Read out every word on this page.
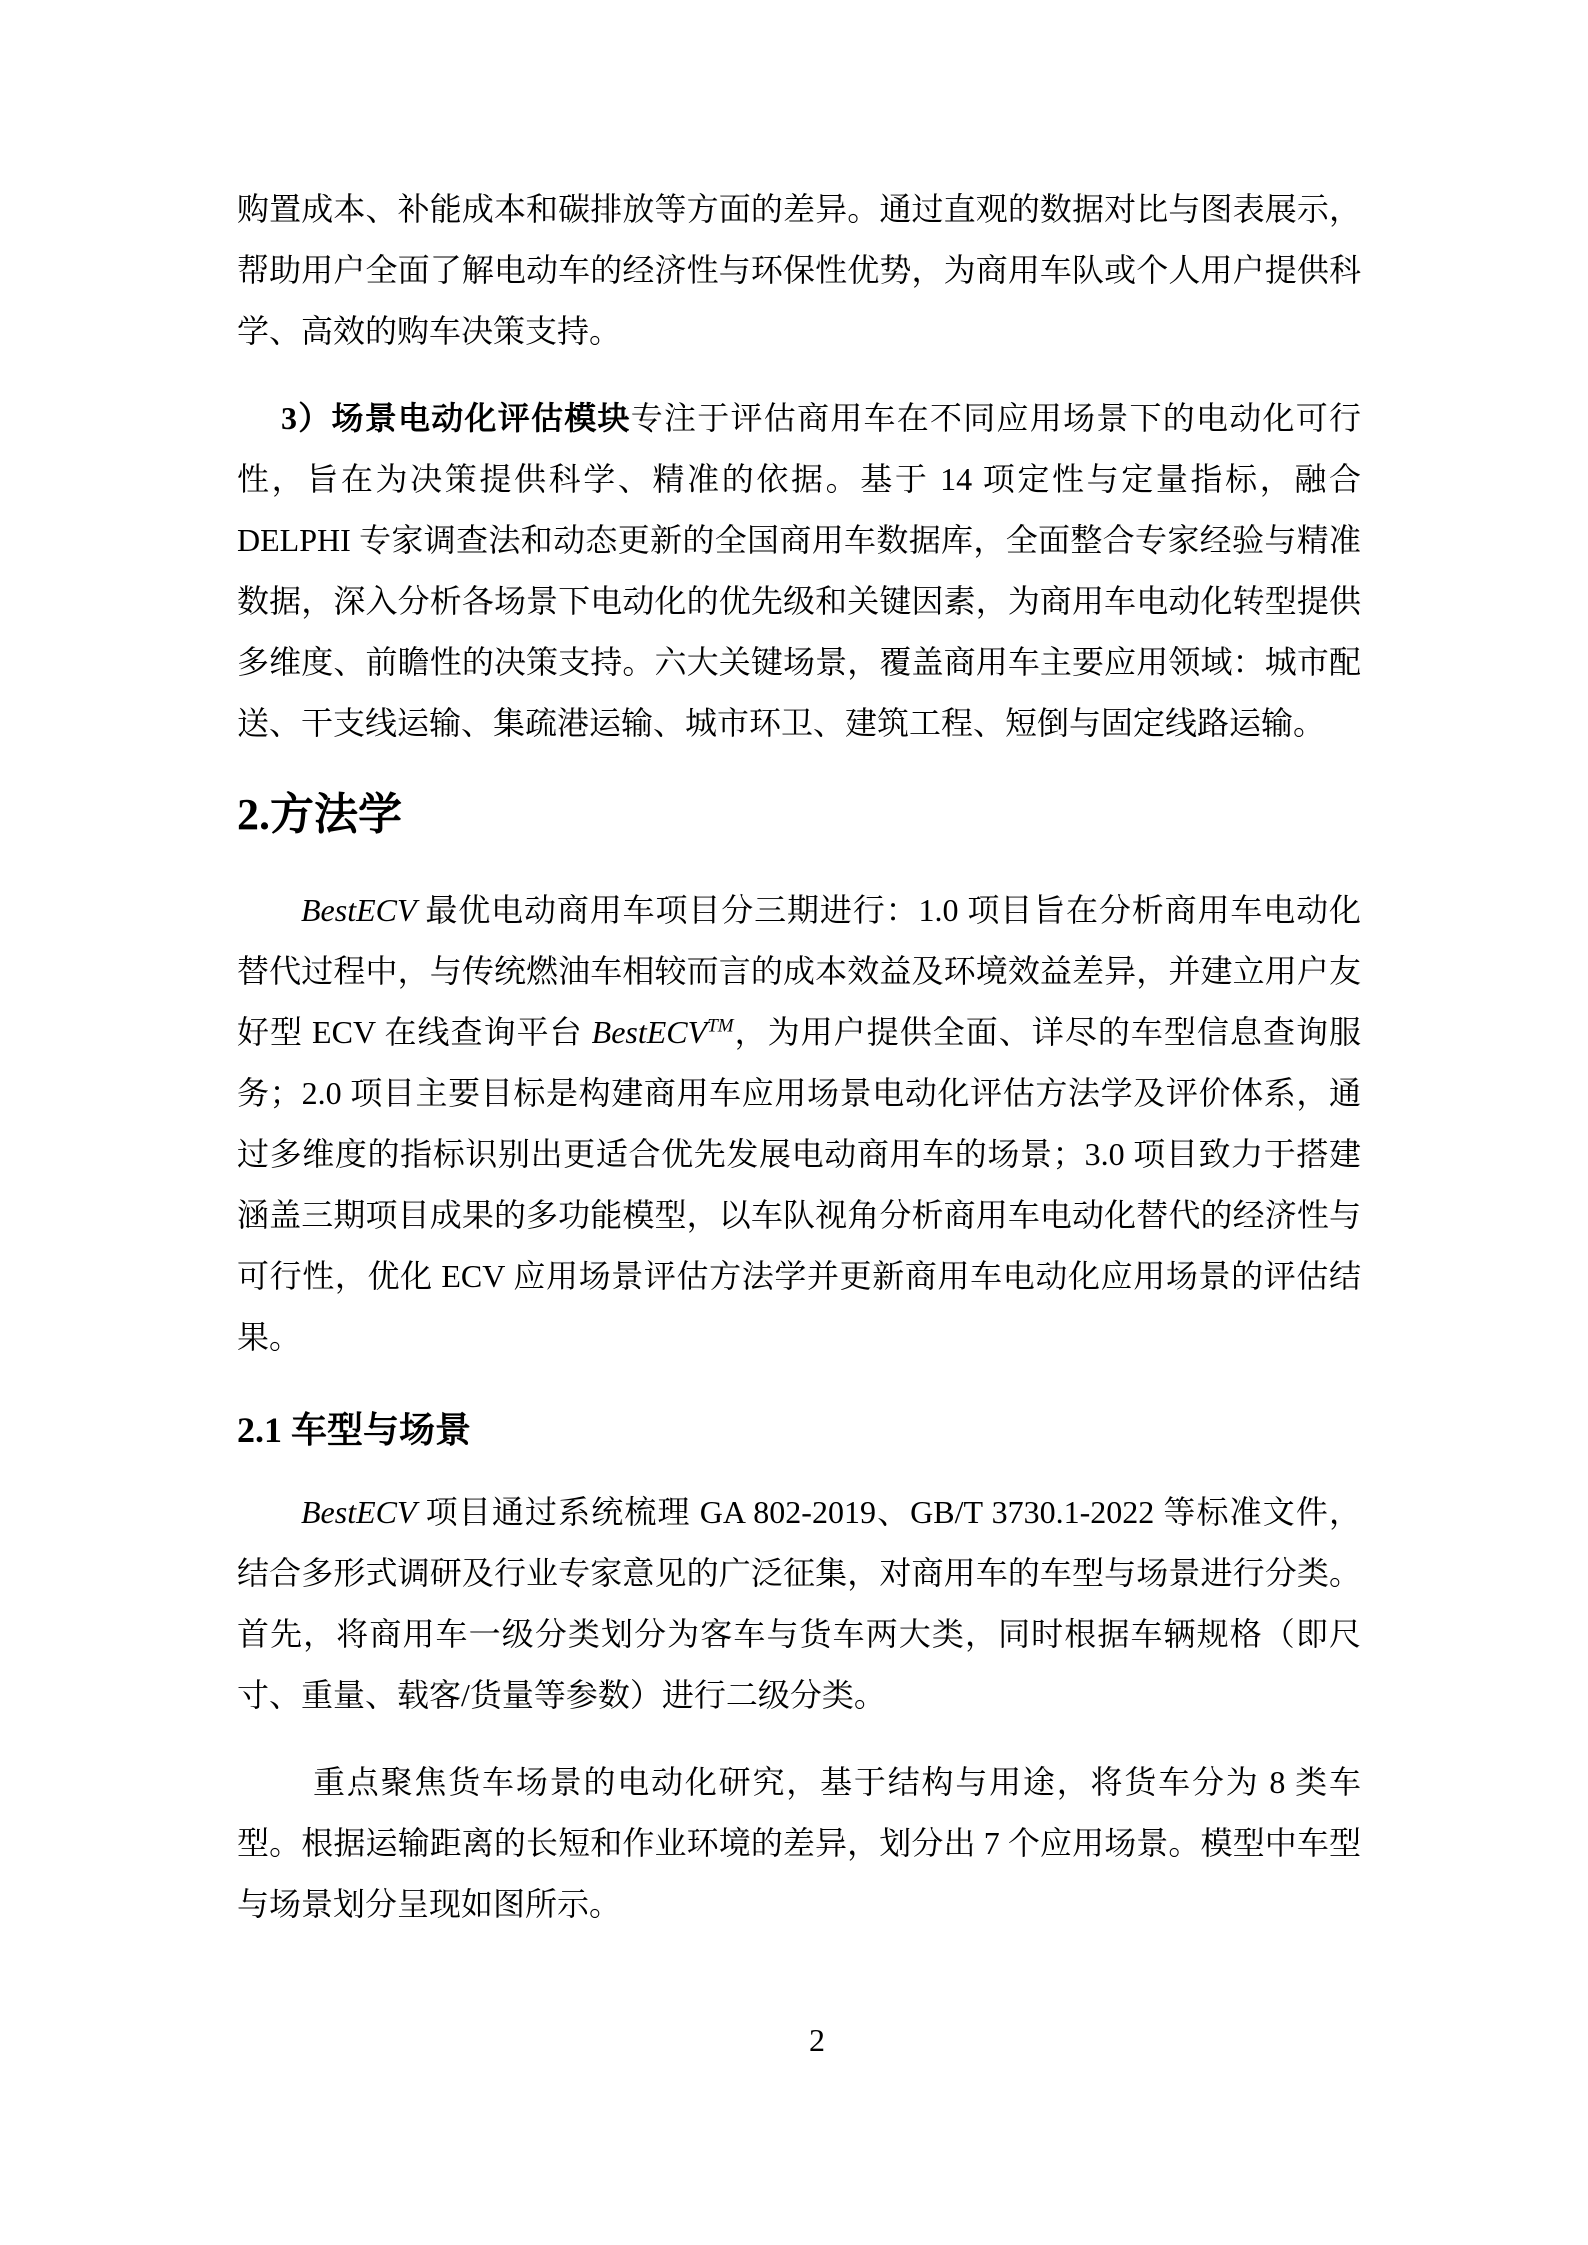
购置成本、补能成本和碳排放等方面的差异。通过直观的数据对比与图表展示，帮助用户全面了解电动车的经济性与环保性优势，为商用车队或个人用户提供科学、高效的购车决策支持。

3）场景电动化评估模块专注于评估商用车在不同应用场景下的电动化可行性，旨在为决策提供科学、精准的依据。基于 14 项定性与定量指标，融合 DELPHI 专家调查法和动态更新的全国商用车数据库，全面整合专家经验与精准数据，深入分析各场景下电动化的优先级和关键因素，为商用车电动化转型提供多维度、前瞻性的决策支持。六大关键场景，覆盖商用车主要应用领域：城市配送、干支线运输、集疏港运输、城市环卫、建筑工程、短倒与固定线路运输。

2.方法学

BestECV 最优电动商用车项目分三期进行：1.0 项目旨在分析商用车电动化替代过程中，与传统燃油车相较而言的成本效益及环境效益差异，并建立用户友好型 ECV 在线查询平台 BestECV™，为用户提供全面、详尽的车型信息查询服务；2.0 项目主要目标是构建商用车应用场景电动化评估方法学及评价体系，通过多维度的指标识别出更适合优先发展电动商用车的场景；3.0 项目致力于搭建涵盖三期项目成果的多功能模型，以车队视角分析商用车电动化替代的经济性与可行性，优化 ECV 应用场景评估方法学并更新商用车电动化应用场景的评估结果。

2.1 车型与场景

BestECV 项目通过系统梳理 GA 802-2019、GB/T 3730.1-2022 等标准文件，结合多形式调研及行业专家意见的广泛征集，对商用车的车型与场景进行分类。首先，将商用车一级分类划分为客车与货车两大类，同时根据车辆规格（即尺寸、重量、载客/货量等参数）进行二级分类。

重点聚焦货车场景的电动化研究，基于结构与用途，将货车分为 8 类车型。根据运输距离的长短和作业环境的差异，划分出 7 个应用场景。模型中车型与场景划分呈现如图所示。

2
